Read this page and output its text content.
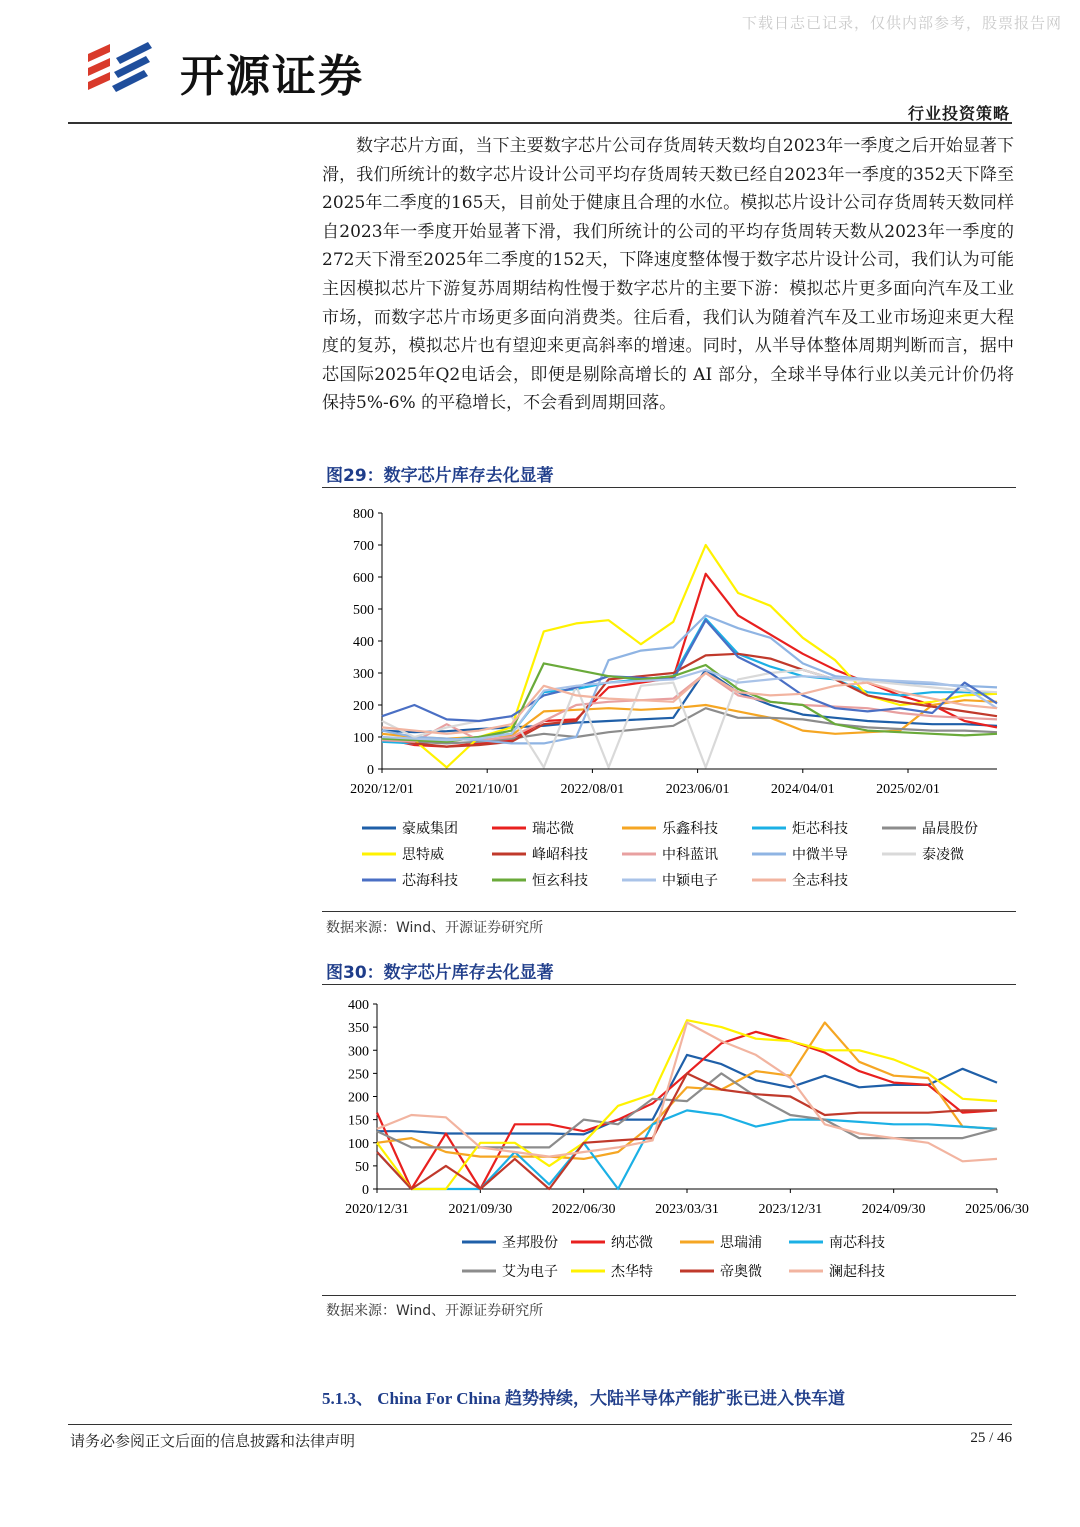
下载日志已记录，仅供内部参考，股票报告网
开源证券
行业投资策略
数字芯片方面，当下主要数字芯片公司存货周转天数均自2023年一季度之后开始显著下滑，我们所统计的数字芯片设计公司平均存货周转天数已经自2023年一季度的352天下降至2025年二季度的165天，目前处于健康且合理的水位。模拟芯片设计公司存货周转天数同样自2023年一季度开始显著下滑，我们所统计的公司的平均存货周转天数从2023年一季度的272天下滑至2025年二季度的152天，下降速度整体慢于数字芯片设计公司，我们认为可能主因模拟芯片下游复苏周期结构性慢于数字芯片的主要下游：模拟芯片更多面向汽车及工业市场，而数字芯片市场更多面向消费类。往后看，我们认为随着汽车及工业市场迎来更大程度的复苏，模拟芯片也有望迎来更高斜率的增速。同时，从半导体整体周期判断而言，据中芯国际2025年Q2电话会，即便是剔除高增长的 AI 部分，全球半导体行业以美元计价仍将保持5%-6% 的平稳增长，不会看到周期回落。
图29：数字芯片库存去化显著
0
100
200
300
400
500
600
700
800
2020/12/01	2021/10/01	2022/08/01	2023/06/01	2024/04/01	2025/02/01
豪威集团	瑞芯微	乐鑫科技	炬芯科技	晶晨股份
思特威	峰岹科技	中科蓝讯	中微半导	泰凌微
芯海科技	恒玄科技	中颖电子	全志科技
数据来源：Wind、开源证券研究所
图30：数字芯片库存去化显著
0
50
100
150
200
250
300
350
400
2020/12/31	2021/09/30	2022/06/30	2023/03/31	2023/12/31	2024/09/30	2025/06/30
圣邦股份	纳芯微	思瑞浦	南芯科技
艾为电子	杰华特	帝奥微	澜起科技
数据来源：Wind、开源证券研究所
5.1.3、 China For China 趋势持续，大陆半导体产能扩张已进入快车道
请务必参阅正文后面的信息披露和法律声明	25 / 46
